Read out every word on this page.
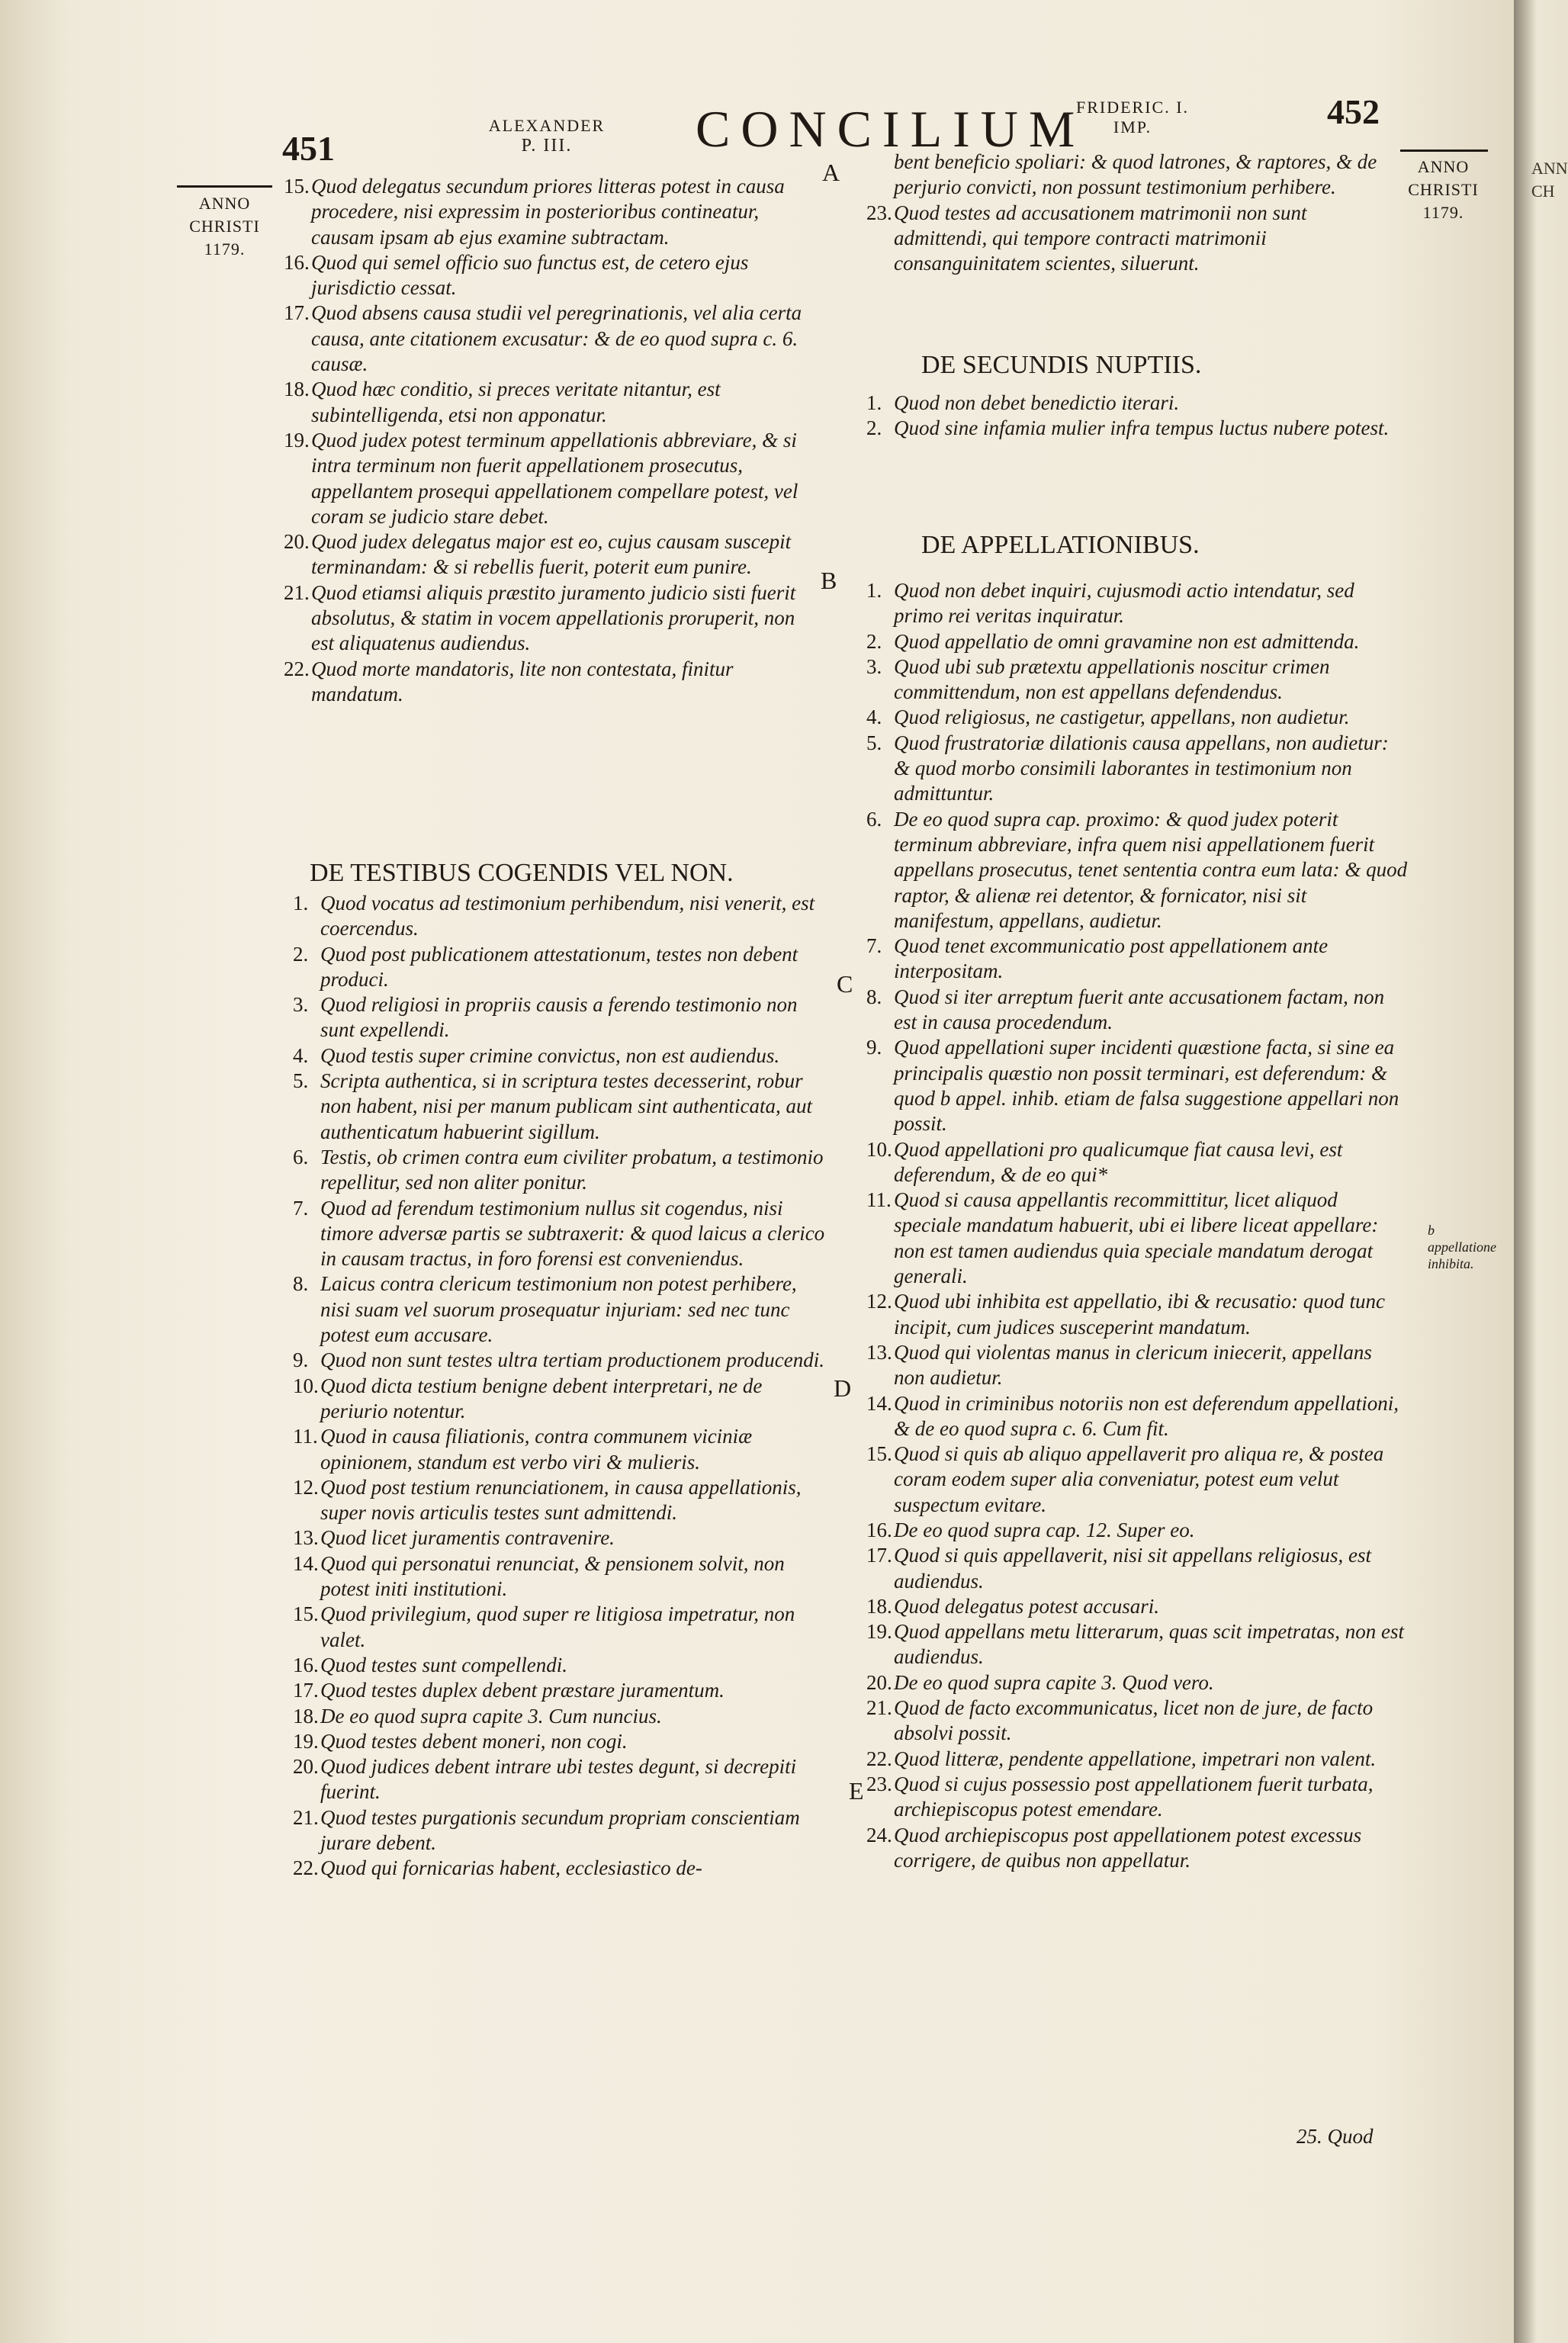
451
ALEXANDER
P. III.	CONCILIUM
FRIDERIC. I.
IMP.	452
ANNO
CHRISTI
1179.
ANNO
CHRISTI
1179.
ANN
CH
A
B
C
D
E
15.Quod delegatus secundum priores litteras potest in causa procedere, nisi expressim in posterioribus contineatur, causam ipsam ab ejus examine subtractam.
16.Quod qui semel officio suo functus est, de cetero ejus jurisdictio cessat.
17.Quod absens causa studii vel peregrinationis, vel alia certa causa, ante citationem excusatur: & de eo quod supra c. 6. causæ.
18.Quod hæc conditio, si preces veritate nitantur, est subintelligenda, etsi non apponatur.
19.Quod judex potest terminum appellationis abbreviare, & si intra terminum non fuerit appellationem prosecutus, appellantem prosequi appellationem compellare potest, vel coram se judicio stare debet.
20.Quod judex delegatus major est eo, cujus causam suscepit terminandam: & si rebellis fuerit, poterit eum punire.
21.Quod etiamsi aliquis præstito juramento judicio sisti fuerit absolutus, & statim in vocem appellationis proruperit, non est aliquatenus audiendus.
22.Quod morte mandatoris, lite non contestata, finitur mandatum.
DE TESTIBUS COGENDIS VEL NON.
1. Quod vocatus ad testimonium perhibendum, nisi venerit, est coercendus.
2. Quod post publicationem attestationum, testes non debent produci.
3. Quod religiosi in propriis causis a ferendo testimonio non sunt expellendi.
4. Quod testis super crimine convictus, non est audiendus.
5. Scripta authentica, si in scriptura testes decesserint, robur non habent, nisi per manum publicam sint authenticata, aut authenticatum habuerint sigillum.
6. Testis, ob crimen contra eum civiliter probatum, a testimonio repellitur, sed non aliter ponitur.
7. Quod ad ferendum testimonium nullus sit cogendus, nisi timore adversæ partis se subtraxerit: & quod laicus a clerico in causam tractus, in foro forensi est conveniendus.
8. Laicus contra clericum testimonium non potest perhibere, nisi suam vel suorum prosequatur injuriam: sed nec tunc potest eum accusare.
9. Quod non sunt testes ultra tertiam productionem producendi.
10.Quod dicta testium benigne debent interpretari, ne de periurio notentur.
11. Quod in causa filiationis, contra communem viciniæ opinionem, standum est verbo viri & mulieris.
12.Quod post testium renunciationem, in causa appellationis, super novis articulis testes sunt admittendi.
13.Quod licet juramentis contravenire.
14.Quod qui personatui renunciat, & pensionem solvit, non potest initi institutioni.
15.Quod privilegium, quod super re litigiosa impetratur, non valet.
16.Quod testes sunt compellendi.
17.Quod testes duplex debent præstare juramentum.
18.De eo quod supra capite 3. Cum nuncius.
19.Quod testes debent moneri, non cogi.
20.Quod judices debent intrare ubi testes degunt, si decrepiti fuerint.
21.Quod testes purgationis secundum propriam conscientiam jurare debent.
22.Quod qui fornicarias habent, ecclesiastico de-
bent beneficio spoliari: & quod latrones, & raptores, & de perjurio convicti, non possunt testimonium perhibere.
23.Quod testes ad accusationem matrimonii non sunt admittendi, qui tempore contracti matrimonii consanguinitatem scientes, siluerunt.
DE SECUNDIS NUPTIIS.
1. Quod non debet benedictio iterari.
2. Quod sine infamia mulier infra tempus luctus nubere potest.
DE APPELLATIONIBUS.
1. Quod non debet inquiri, cujusmodi actio intendatur, sed primo rei veritas inquiratur.
2. Quod appellatio de omni gravamine non est admittenda.
3. Quod ubi sub prætextu appellationis noscitur crimen committendum, non est appellans defendendus.
4. Quod religiosus, ne castigetur, appellans, non audietur.
5. Quod frustratoriæ dilationis causa appellans, non audietur: & quod morbo consimili laborantes in testimonium non admittuntur.
6. De eo quod supra cap. proximo: & quod judex poterit terminum abbreviare, infra quem nisi appellationem fuerit appellans prosecutus, tenet sententia contra eum lata: & quod raptor, & alienæ rei detentor, & fornicator, nisi sit manifestum, appellans, audietur.
7. Quod tenet excommunicatio post appellationem ante interpositam.
8. Quod si iter arreptum fuerit ante accusationem factam, non est in causa procedendum.
9. Quod appellationi super incidenti quæstione facta, si sine ea principalis quæstio non possit terminari, est deferendum: & quod b appel. inhib. etiam de falsa suggestione appellari non possit.
10.Quod appellationi pro qualicumque fiat causa levi, est deferendum, & de eo qui*
11. Quod si causa appellantis recommittitur, licet aliquod speciale mandatum habuerit, ubi ei libere liceat appellare: non est tamen audiendus quia speciale mandatum derogat generali.
12.Quod ubi inhibita est appellatio, ibi & recusatio: quod tunc incipit, cum judices susceperint mandatum.
13.Quod qui violentas manus in clericum iniecerit, appellans non audietur.
14.Quod in criminibus notoriis non est deferendum appellationi, & de eo quod supra c. 6. Cum fit.
15.Quod si quis ab aliquo appellaverit pro aliqua re, & postea coram eodem super alia conveniatur, potest eum velut suspectum evitare.
16.De eo quod supra cap. 12. Super eo.
17.Quod si quis appellaverit, nisi sit appellans religiosus, est audiendus.
18.Quod delegatus potest accusari.
19.Quod appellans metu litterarum, quas scit impetratas, non est audiendus.
20.De eo quod supra capite 3. Quod vero.
21.Quod de facto excommunicatus, licet non de jure, de facto absolvi possit.
22.Quod litteræ, pendente appellatione, impetrari non valent.
23.Quod si cujus possessio post appellationem fuerit turbata, archiepiscopus potest emendare.
24.Quod archiepiscopus post appellationem potest excessus corrigere, de quibus non appellatur.
b appellatione inhibita.
25. Quod
